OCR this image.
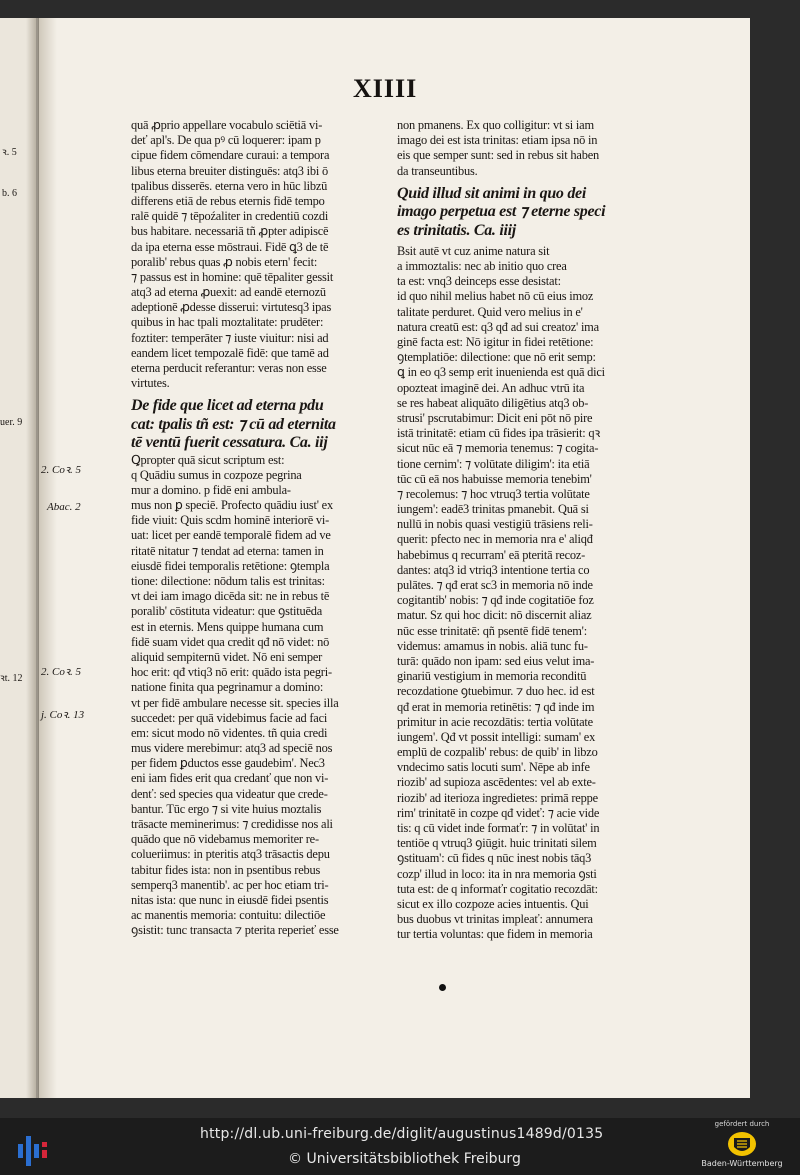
ꝛ. 5
b. 6
uer. 9
ꝛt. 12
XIIII
2. Coꝛ. 5
Abac. 2
2. Coꝛ. 5
j. Coꝛ. 13
quā ꝓprio appellare vocabulo sciētiā vi-
deť apl's. De qua pꝰ cū loquerer: ipam p
cipue fidem cōmendare curaui: a tempora
libus eterna breuiter distinguēs: atq3 ibi ō
tpalibus disserēs. eterna vero in hūc libzū
differens etiā de rebus eternis fidē tempo
ralē quidē ⁊ tēpoźaliter in credentiū cozdi
bus habitare. necessariā tñ ꝓpter adipiscē
da ipa eterna esse mōstraui. Fidē ꝗ3 de tē
poralib' rebus quas ꝓ nobis etern' fecit:
⁊ passus est in homine: quē tēpaliter gessit
atq3 ad eterna ꝓuexit: ad eandē eternozū
adeptionē ꝓdesse disserui: virtutesq3 ipas
quibus in hac tpali moztalitate: prudēter:
foztiter: temperāter ⁊ iuste viuitur: nisi ad
eandem licet tempozalē fidē: que tamē ad
eterna perducit referantur: veras non esse
virtutes.
De fide que licet ad eterna pdu
cat: tpalis tñ est: ⁊ cū ad eternita
tē ventū fuerit cessatura. Ca. iij
Ꝗpropter quā sicut scriptum est:
q Quādiu sumus in cozpoze pegrina
mur a domino. p fidē eni ambula-
mus non ꝑ speciē. Profecto quādiu iust' ex
fide viuit: Quis scdm hominē interiorē vi-
uat: licet per eandē temporalē fidem ad ve
ritatē nitatur ⁊ tendat ad eterna: tamen in
eiusdē fidei temporalis retētione: ꝯtempla
tione: dilectione: nōdum talis est trinitas:
vt dei iam imago dicēda sit: ne in rebus tē
poralib' cōstituta videatur: que ꝯstituēda
est in eternis. Mens quippe humana cum
fidē suam videt qua credit qđ nō videt: nō
aliquid sempiternū videt. Nō eni semper
hoc erit: qđ vtiq3 nō erit: quādo ista pegri-
natione finita qua pegrinamur a domino:
vt per fidē ambulare necesse sit. species illa
succedet: per quā videbimus facie ad faci
em: sicut modo nō videntes. tñ quia credi
mus videre merebimur: atq3 ad speciē nos
per fidem ꝑductos esse gaudebim'. Nec3
eni iam fides erit qua credanť que non vi-
denť: sed species qua videatur que crede-
bantur. Tūc ergo ⁊ si vite huius moztalis
trāsacte meminerimus: ⁊ credidisse nos ali
quādo que nō videbamus memoriter re-
colueriimus: in pteritis atq3 trāsactis depu
tabitur fides ista: non in psentibus rebus
semperq3 manentib'. ac per hoc etiam tri-
nitas ista: que nunc in eiusdē fidei psentis
ac manentis memoria: contuitu: dilectiōe
ꝯsistit: tunc transacta ⁊ pterita reperieť esse
non pmanens. Ex quo colligitur: vt si iam
imago dei est ista trinitas: etiam ipsa nō in
eis que semper sunt: sed in rebus sit haben
da transeuntibus.
Quid illud sit animi in quo dei
imago perpetua est ⁊ eterne speci
es trinitatis. Ca. iiij
Bsit autē vt cuz anime natura sit
a immoztalis: nec ab initio quo crea
ta est: vnq3 deinceps esse desistat:
id quo nihil melius habet nō cū eius imoz
talitate perduret. Quid vero melius in e'
natura creatū est: q3 qđ ad sui creatoz' ima
ginē facta est: Nō igitur in fidei retētione:
ꝯtemplatiōe: dilectione: que nō erit semp:
ꝗ in eo q3 semp erit inuenienda est quā dici
opozteat imaginē dei. An adhuc vtrū ita
se res habeat aliquāto diligētius atq3 ob-
strusi' pscrutabimur: Dicit eni pōt nō pire
istā trinitatē: etiam cū fides ipa trāsierit: qꝛ
sicut nūc eā ⁊ memoria tenemus: ⁊ cogita-
tione cernim': ⁊ volūtate diligim': ita etiā
tūc cū eā nos habuisse memoria tenebim'
⁊ recolemus: ⁊ hoc vtruq3 tertia volūtate
iungem': eadē3 trinitas pmanebit. Quā si
nullū in nobis quasi vestigiū trāsiens reli-
querit: pfecto nec in memoria nra e' aliqđ
habebimus q recurram' eā pteritā recoz-
dantes: atq3 id vtriq3 intentione tertia co
pulātes. ⁊ qđ erat sc3 in memoria nō inde
cogitantib' nobis: ⁊ qđ inde cogitatiōe foz
matur. Sz qui hoc dicit: nō discernit aliaz
nūc esse trinitatē: qñ psentē fidē tenem':
videmus: amamus in nobis. aliā tunc fu-
turā: quādo non ipam: sed eius velut ima-
ginariū vestigium in memoria reconditū
recozdatione ꝯtuebimur. ⁊ duo hec. id est
qđ erat in memoria retinētis: ⁊ qđ inde im
primitur in acie recozdātis: tertia volūtate
iungem'. Qđ vt possit intelligi: sumam' ex
emplū de cozpalib' rebus: de quib' in libzo
vndecimo satis locuti sum'. Nēpe ab infe
riozib' ad supioza ascēdentes: vel ab exte-
riozib' ad iterioza ingredietes: primā reppe
rim' trinitatē in cozpe qđ videť: ⁊ acie vide
tis: q cū videt inde formaťr: ⁊ in volūtat' in
tentiōe q vtruq3 ꝯiūgit. huic trinitati silem
ꝯstituam': cū fides q nūc inest nobis tāq3
cozp' illud in loco: ita in nra memoria ꝯsti
tuta est: de q informaťr cogitatio recozdāt:
sicut ex illo cozpoze acies intuentis. Qui
bus duobus vt trinitas impleať: annumera
tur tertia voluntas: que fidem in memoria
http://dl.ub.uni-freiburg.de/diglit/augustinus1489d/0135
© Universitätsbibliothek Freiburg
gefördert durch
Baden-Württemberg
